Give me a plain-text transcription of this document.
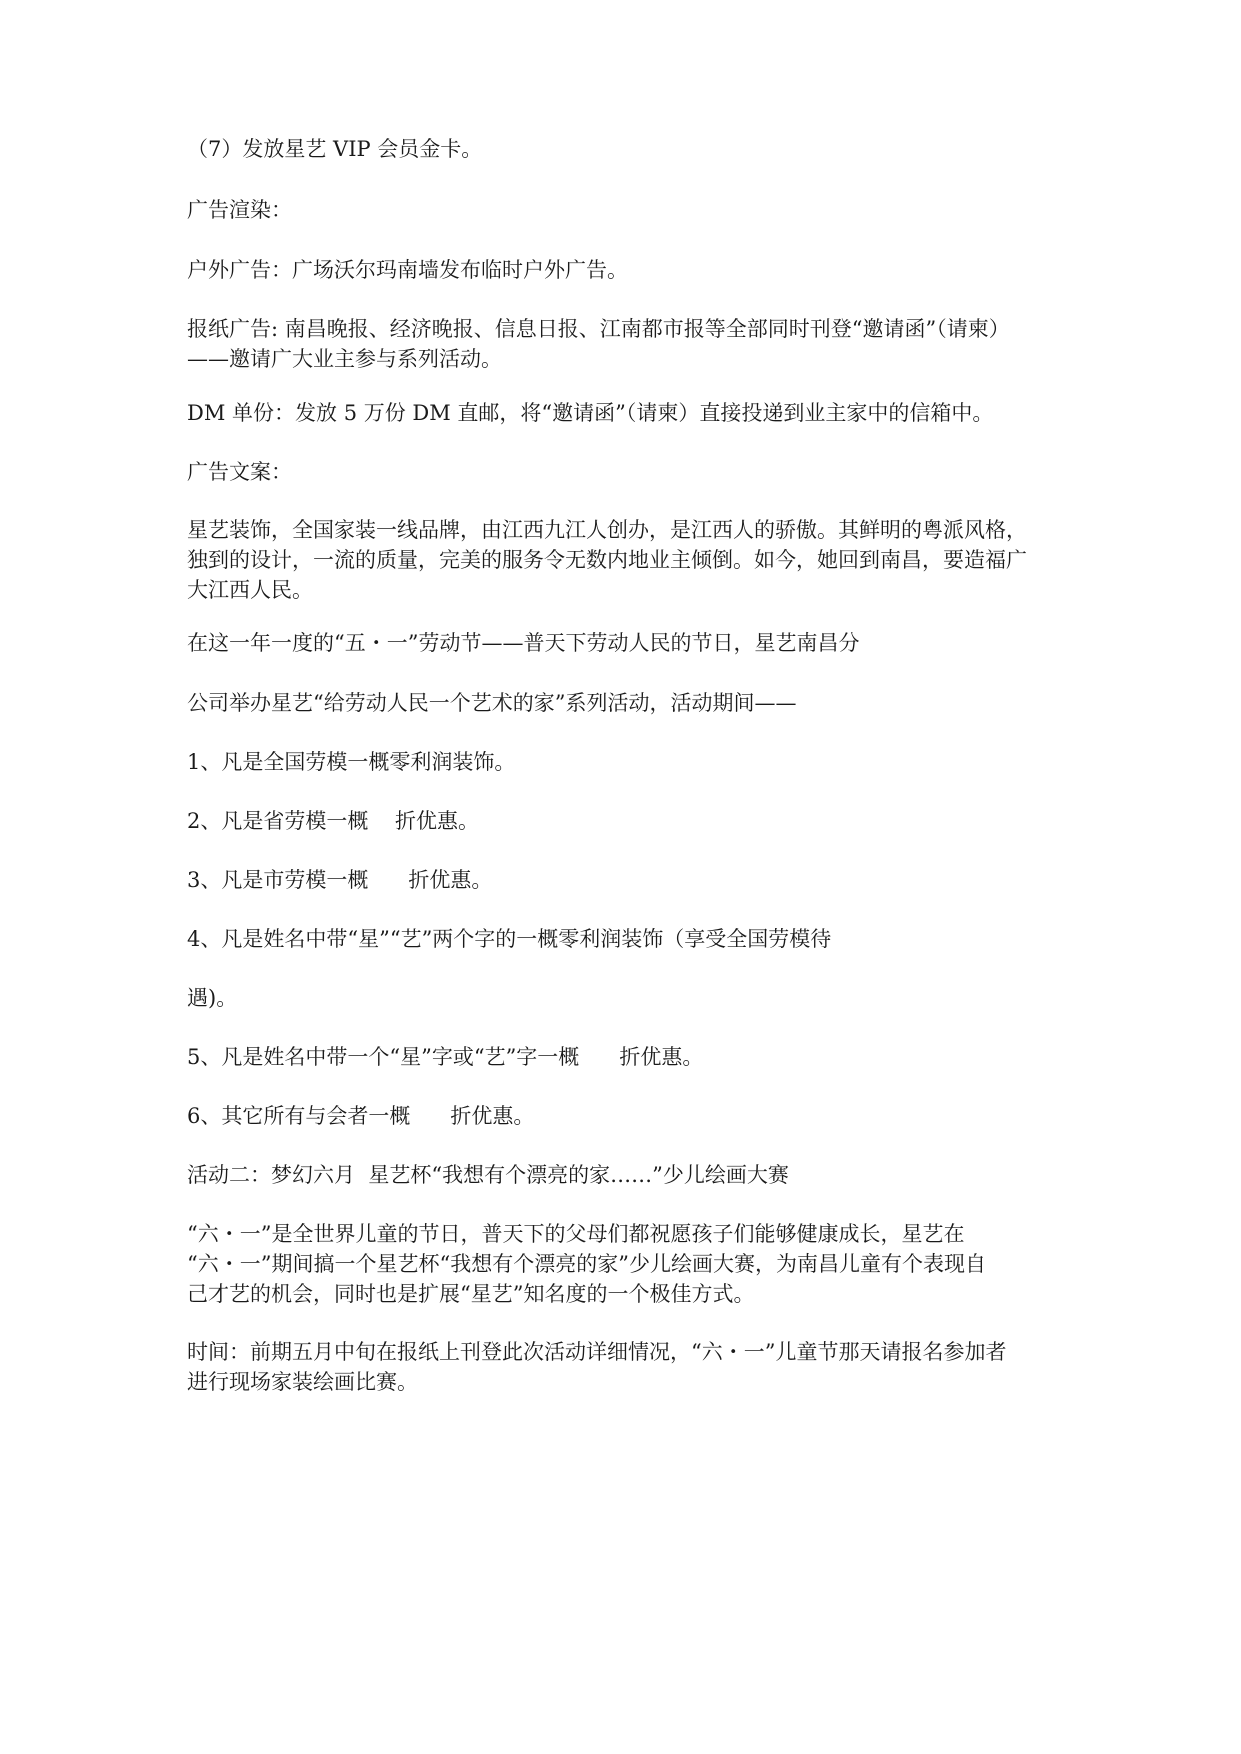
（7）发放星艺 VIP 会员金卡。

广告渲染：

户外广告：广场沃尔玛南墙发布临时户外广告。

报纸广告: 南昌晚报、经济晚报、信息日报、江南都市报等全部同时刊登“邀请函”（请柬）
——邀请广大业主参与系列活动。

DM 单份：发放 5 万份 DM 直邮，将“邀请函”（请柬）直接投递到业主家中的信箱中。

广告文案：

星艺装饰，全国家装一线品牌，由江西九江人创办，是江西人的骄傲。其鲜明的粤派风格，
独到的设计，一流的质量，完美的服务令无数内地业主倾倒。如今，她回到南昌，要造福广
大江西人民。

在这一年一度的“五・一”劳动节——普天下劳动人民的节日，星艺南昌分

公司举办星艺“给劳动人民一个艺术的家”系列活动，活动期间——

1、凡是全国劳模一概零利润装饰。

2、凡是省劳模一概    折优惠。

3、凡是市劳模一概      折优惠。

4、凡是姓名中带“星”“艺”两个字的一概零利润装饰（享受全国劳模待

遇)。

5、凡是姓名中带一个“星”字或“艺”字一概      折优惠。

6、其它所有与会者一概      折优惠。

活动二：梦幻六月  星艺杯“我想有个漂亮的家……”少儿绘画大赛

“六・一”是全世界儿童的节日，普天下的父母们都祝愿孩子们能够健康成长，星艺在
“六・一”期间搞一个星艺杯“我想有个漂亮的家”少儿绘画大赛，为南昌儿童有个表现自
己才艺的机会，同时也是扩展“星艺”知名度的一个极佳方式。

时间：前期五月中旬在报纸上刊登此次活动详细情况，“六・一”儿童节那天请报名参加者
进行现场家装绘画比赛。
